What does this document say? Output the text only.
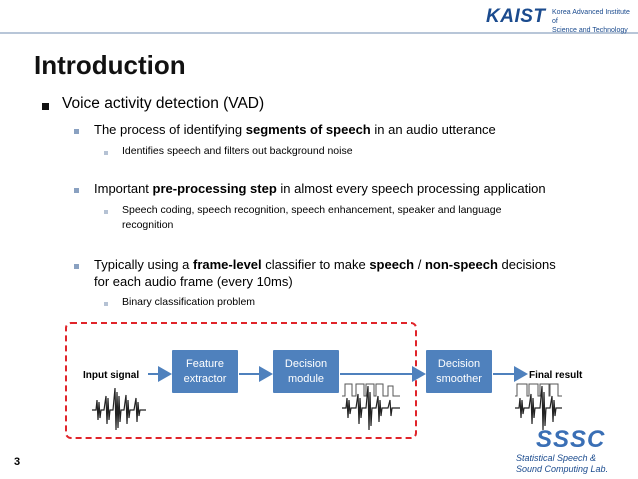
KAIST Korea Advanced Institute of
Science and Technology
Introduction
Voice activity detection (VAD)
The process of identifying segments of speech in an audio utterance
Identifies speech and filters out background noise
Important pre-processing step in almost every speech processing application
Speech coding, speech recognition, speech enhancement, speaker and language
recognition
Typically using a frame-level classifier to make speech / non-speech decisions
for each audio frame (every 10ms)
Binary classification problem
Input signal	Final result
Feature
extractor
Decision
module
Decision
smoother
SSSC
Statistical Speech &
Sound Computing Lab.
3
